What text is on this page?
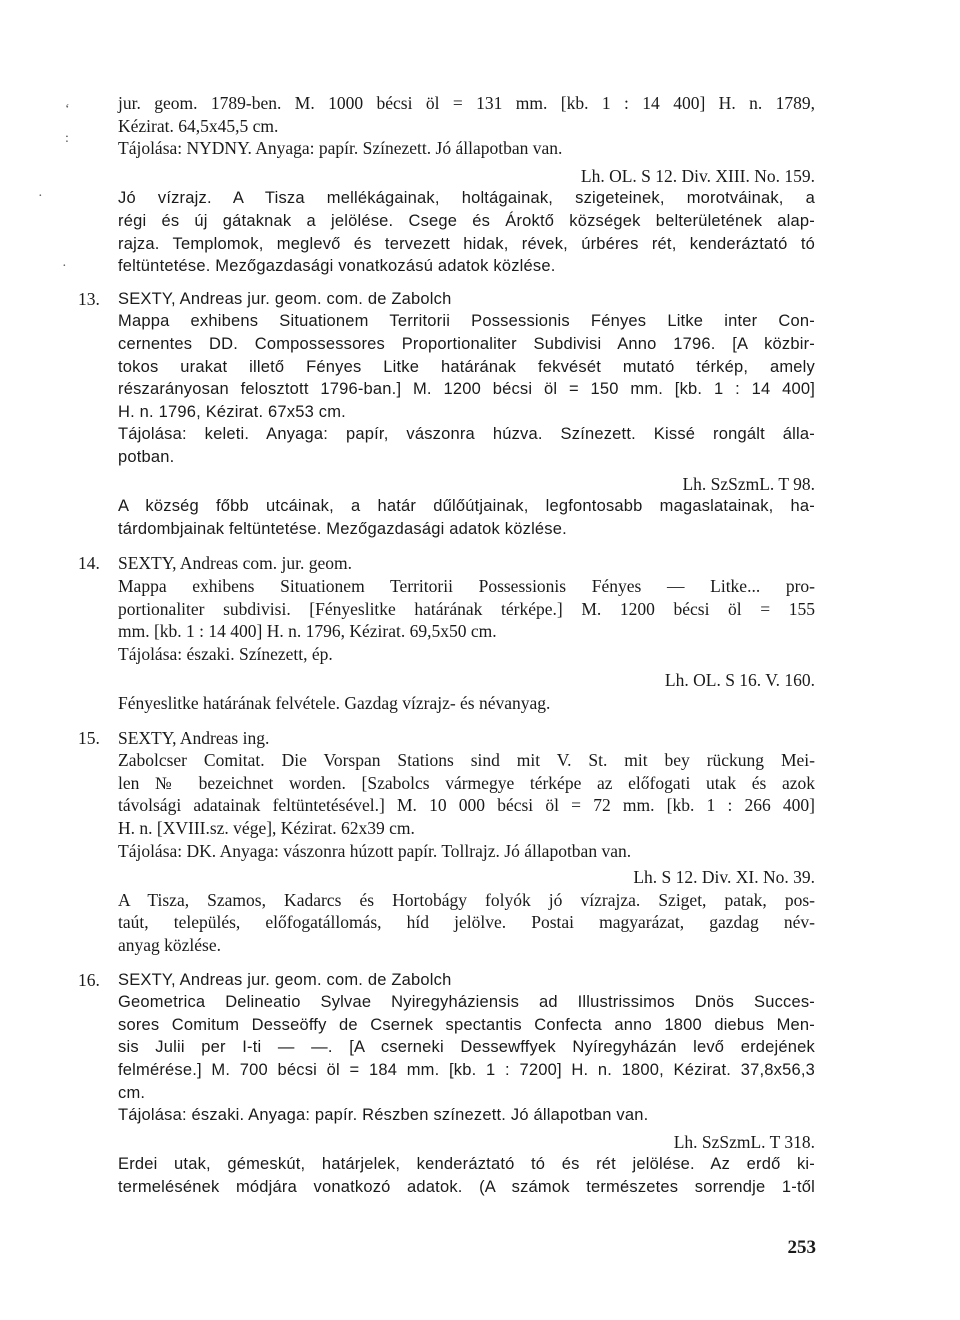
jur. geom. 1789-ben. M. 1000 bécsi öl = 131 mm. [kb. 1 : 14 400] H. n. 1789,
Kézirat. 64,5x45,5 cm.
Tájolása: NYDNY. Anyaga: papír. Színezett. Jó állapotban van.
Lh. OL. S 12. Div. XIII. No. 159.
Jó vízrajz. A Tisza mellékágainak, holtágainak, szigeteinek, morotváinak, a
régi és új gátaknak a jelölése. Csege és Ároktő községek belterületének alap-
rajza. Templomok, meglevő és tervezett hidak, révek, úrbéres rét, kenderáztató tó
feltüntetése. Mezőgazdasági vonatkozású adatok közlése.
13.	SEXTY, Andreas jur. geom. com. de Zabolch
Mappa exhibens Situationem Territorii Possessionis Fényes Litke inter Con-
cernentes DD. Compossessores Proportionaliter Subdivisi Anno 1796. [A közbir-
tokos urakat illető Fényes Litke határának fekvését mutató térkép, amely
részarányosan felosztott 1796-ban.] M. 1200 bécsi öl = 150 mm. [kb. 1 : 14 400]
H. n. 1796, Kézirat. 67x53 cm.
Tájolása: keleti. Anyaga: papír, vászonra húzva. Színezett. Kissé rongált álla-
potban.
Lh. SzSzmL. T 98.
A község főbb utcáinak, a határ dűlőútjainak, legfontosabb magaslatainak, ha-
tárdombjainak feltüntetése. Mezőgazdasági adatok közlése.
14.	SEXTY, Andreas com. jur. geom.
Mappa exhibens Situationem Territorii Possessionis Fényes — Litke... pro-
portionaliter subdivisi. [Fényeslitke határának térképe.] M. 1200 bécsi öl = 155
mm. [kb. 1 : 14 400] H. n. 1796, Kézirat. 69,5x50 cm.
Tájolása: északi. Színezett, ép.
Lh. OL. S 16. V. 160.
Fényeslitke határának felvétele. Gazdag vízrajz- és névanyag.
15.	SEXTY, Andreas ing.
Zabolcser Comitat. Die Vorspan Stations sind mit V. St. mit bey rückung Mei-
len № bezeichnet worden. [Szabolcs vármegye térképe az előfogati utak és azok
távolsági adatainak feltüntetésével.] M. 10 000 bécsi öl = 72 mm. [kb. 1 : 266 400]
H. n. [XVIII.sz. vége], Kézirat. 62x39 cm.
Tájolása: DK. Anyaga: vászonra húzott papír. Tollrajz. Jó állapotban van.
Lh. S 12. Div. XI. No. 39.
A Tisza, Szamos, Kadarcs és Hortobágy folyók jó vízrajza. Sziget, patak, pos-
taút, település, előfogatállomás, híd jelölve. Postai magyarázat, gazdag név-
anyag közlése.
16.	SEXTY, Andreas jur. geom. com. de Zabolch
Geometrica Delineatio Sylvae Nyiregyháziensis ad Illustrissimos Dnös Succes-
sores Comitum Desseöffy de Csernek spectantis Confecta anno 1800 diebus Men-
sis Julii per I-ti — —. [A cserneki Dessewffyek Nyíregyházán levő erdejének
felmérése.] M. 700 bécsi öl = 184 mm. [kb. 1 : 7200] H. n. 1800, Kézirat. 37,8x56,3
cm.
Tájolása: északi. Anyaga: papír. Részben színezett. Jó állapotban van.
Lh. SzSzmL. T 318.
Erdei utak, gémeskút, határjelek, kenderáztató tó és rét jelölése. Az erdő ki-
termelésének módjára vonatkozó adatok. (A számok természetes sorrendje 1-től
253
‘
:
·
·
